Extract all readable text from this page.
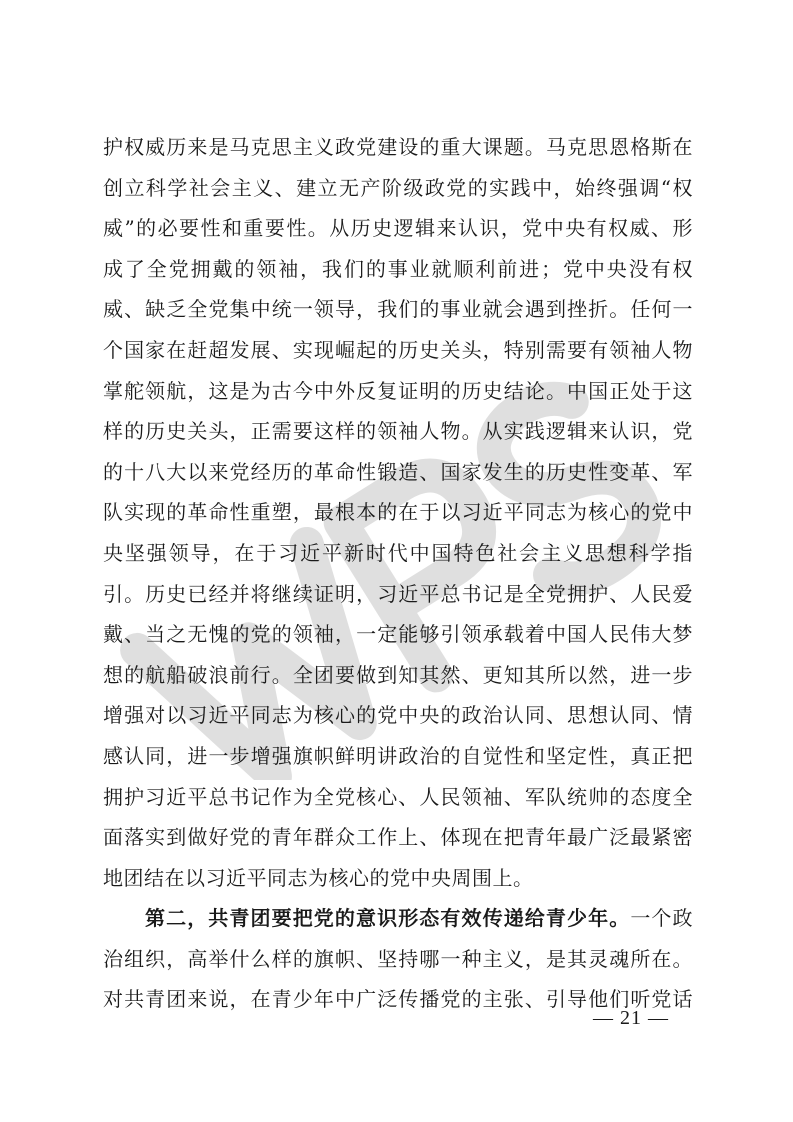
护权威历来是马克思主义政党建设的重大课题。马克思恩格斯在
创立科学社会主义、建立无产阶级政党的实践中，始终强调“权
威”的必要性和重要性。从历史逻辑来认识，党中央有权威、形
成了全党拥戴的领袖，我们的事业就顺利前进；党中央没有权
威、缺乏全党集中统一领导，我们的事业就会遇到挫折。任何一
个国家在赶超发展、实现崛起的历史关头，特别需要有领袖人物
掌舵领航，这是为古今中外反复证明的历史结论。中国正处于这
样的历史关头，正需要这样的领袖人物。从实践逻辑来认识，党
的十八大以来党经历的革命性锻造、国家发生的历史性变革、军
队实现的革命性重塑，最根本的在于以习近平同志为核心的党中
央坚强领导，在于习近平新时代中国特色社会主义思想科学指
引。历史已经并将继续证明，习近平总书记是全党拥护、人民爱
戴、当之无愧的党的领袖，一定能够引领承载着中国人民伟大梦
想的航船破浪前行。全团要做到知其然、更知其所以然，进一步
增强对以习近平同志为核心的党中央的政治认同、思想认同、情
感认同，进一步增强旗帜鲜明讲政治的自觉性和坚定性，真正把
拥护习近平总书记作为全党核心、人民领袖、军队统帅的态度全
面落实到做好党的青年群众工作上、体现在把青年最广泛最紧密
地团结在以习近平同志为核心的党中央周围上。
第二，共青团要把党的意识形态有效传递给青少年。一个政
治组织，高举什么样的旗帜、坚持哪一种主义，是其灵魂所在。
对共青团来说，在青少年中广泛传播党的主张、引导他们听党话
— 21 —
